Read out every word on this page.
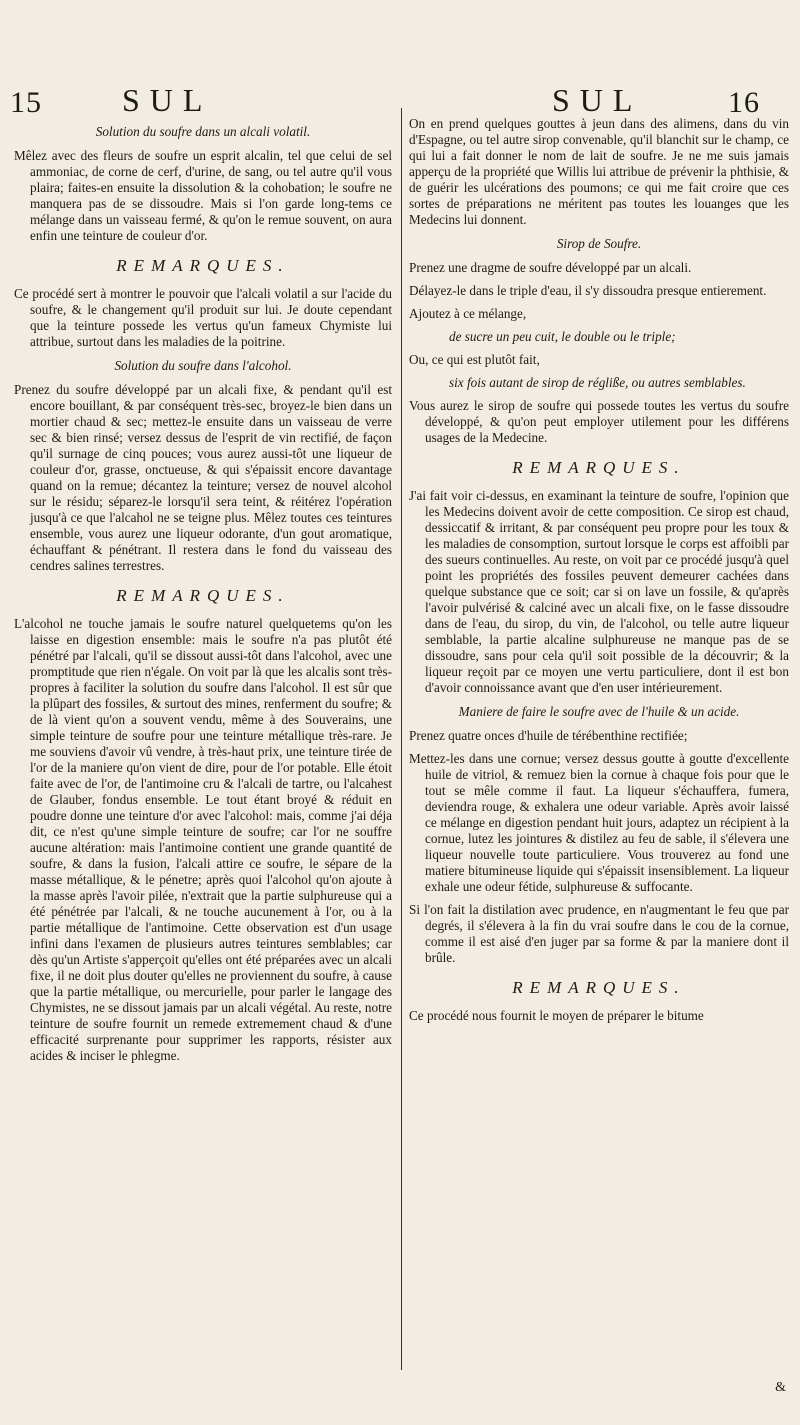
15	SUL	SUL	16
Solution du soufre dans un alcali volatil.

Mêlez avec des fleurs de soufre un esprit alcalin, tel que celui de sel ammoniac, de corne de cerf, d'urine, de sang, ou tel autre qu'il vous plaira; faites-en ensuite la dissolution & la cohobation; le soufre ne manquera pas de se dissoudre. Mais si l'on garde long-tems ce mélange dans un vaisseau fermé, & qu'on le remue souvent, on aura enfin une teinture de couleur d'or.

REMARQUES.

Ce procédé sert à montrer le pouvoir que l'alcali volatil a sur l'acide du soufre, & le changement qu'il produit sur lui. Je doute cependant que la teinture possede les vertus qu'un fameux Chymiste lui attribue, surtout dans les maladies de la poitrine.

Solution du soufre dans l'alcohol.

Prenez du soufre développé par un alcali fixe, & pendant qu'il est encore bouillant, & par conséquent très-sec, broyez-le bien dans un mortier chaud & sec; mettez-le ensuite dans un vaisseau de verre sec & bien rinsé; versez dessus de l'esprit de vin rectifié, de façon qu'il surnage de cinq pouces; vous aurez aussi-tôt une liqueur de couleur d'or, grasse, onctueuse, & qui s'épaissit encore davantage quand on la remue; décantez la teinture; versez de nouvel alcohol sur le résidu; séparez-le lorsqu'il sera teint, & réitérez l'opération jusqu'à ce que l'alcahol ne se teigne plus. Mêlez toutes ces teintures ensemble, vous aurez une liqueur odorante, d'un gout aromatique, échauffant & pénétrant. Il restera dans le fond du vaisseau des cendres salines terrestres.

REMARQUES.

L'alcohol ne touche jamais le soufre naturel quelquetems qu'on les laisse en digestion ensemble: mais le soufre n'a pas plutôt été pénétré par l'alcali, qu'il se dissout aussi-tôt dans l'alcohol, avec une promptitude que rien n'égale. On voit par là que les alcalis sont très-propres à faciliter la solution du soufre dans l'alcohol. Il est sûr que la plûpart des fossiles, & surtout des mines, renferment du soufre; & de là vient qu'on a souvent vendu, même à des Souverains, une simple teinture de soufre pour une teinture métallique très-rare. Je me souviens d'avoir vû vendre, à très-haut prix, une teinture tirée de l'or de la maniere qu'on vient de dire, pour de l'or potable. Elle étoit faite avec de l'or, de l'antimoine cru & l'alcali de tartre, ou l'alcahest de Glauber, fondus ensemble. Le tout étant broyé & réduit en poudre donne une teinture d'or avec l'alcohol: mais, comme j'ai déja dit, ce n'est qu'une simple teinture de soufre; car l'or ne souffre aucune altération: mais l'antimoine contient une grande quantité de soufre, & dans la fusion, l'alcali attire ce soufre, le sépare de la masse métallique, & le pénetre; après quoi l'alcohol qu'on ajoute à la masse après l'avoir pilée, n'extrait que la partie sulphureuse qui a été pénétrée par l'alcali, & ne touche aucunement à l'or, ou à la partie métallique de l'antimoine. Cette observation est d'un usage infini dans l'examen de plusieurs autres teintures semblables; car dès qu'un Artiste s'apperçoit qu'elles ont été préparées avec un alcali fixe, il ne doit plus douter qu'elles ne proviennent du soufre, à cause que la partie métallique, ou mercurielle, pour parler le langage des Chymistes, ne se dissout jamais par un alcali végétal. Au reste, notre teinture de soufre fournit un remede extremement chaud & d'une efficacité surprenante pour supprimer les rapports, résister aux acides & inciser le phlegme.

On en prend quelques gouttes à jeun dans des alimens, dans du vin d'Espagne, ou tel autre sirop convenable, qu'il blanchit sur le champ, ce qui lui a fait donner le nom de lait de soufre. Je ne me suis jamais apperçu de la propriété que Willis lui attribue de prévenir la phthisie, & de guérir les ulcérations des poumons; ce qui me fait croire que ces sortes de préparations ne méritent pas toutes les louanges que les Medecins lui donnent.

Sirop de Soufre.

Prenez une dragme de soufre développé par un alcali.

Délayez-le dans le triple d'eau, il s'y dissoudra presque entierement.

Ajoutez à ce mélange,

de sucre un peu cuit, le double ou le triple;

Ou, ce qui est plutôt fait,

six fois autant de sirop de régliße, ou autres semblables.

Vous aurez le sirop de soufre qui possede toutes les vertus du soufre développé, & qu'on peut employer utilement pour les différens usages de la Medecine.

REMARQUES.

J'ai fait voir ci-dessus, en examinant la teinture de soufre, l'opinion que les Medecins doivent avoir de cette composition. Ce sirop est chaud, dessiccatif & irritant, & par conséquent peu propre pour les toux & les maladies de consomption, surtout lorsque le corps est affoibli par des sueurs continuelles. Au reste, on voit par ce procédé jusqu'à quel point les propriétés des fossiles peuvent demeurer cachées dans quelque substance que ce soit; car si on lave un fossile, & qu'après l'avoir pulvérisé & calciné avec un alcali fixe, on le fasse dissoudre dans de l'eau, du sirop, du vin, de l'alcohol, ou telle autre liqueur semblable, la partie alcaline sulphureuse ne manque pas de se dissoudre, sans pour cela qu'il soit possible de la découvrir; & la liqueur reçoit par ce moyen une vertu particuliere, dont il est bon d'avoir connoissance avant que d'en user intérieurement.

Maniere de faire le soufre avec de l'huile & un acide.

Prenez quatre onces d'huile de térébenthine rectifiée;

Mettez-les dans une cornue; versez dessus goutte à goutte d'excellente huile de vitriol, & remuez bien la cornue à chaque fois pour que le tout se mêle comme il faut. La liqueur s'échauffera, fumera, deviendra rouge, & exhalera une odeur variable. Après avoir laissé ce mélange en digestion pendant huit jours, adaptez un récipient à la cornue, lutez les jointures & distilez au feu de sable, il s'élevera une liqueur nouvelle toute particuliere. Vous trouverez au fond une matiere bitumineuse liquide qui s'épaissit insensiblement. La liqueur exhale une odeur fétide, sulphureuse & suffocante.

Si l'on fait la distilation avec prudence, en n'augmentant le feu que par degrés, il s'élevera à la fin du vrai soufre dans le cou de la cornue, comme il est aisé d'en juger par sa forme & par la maniere dont il brûle.

REMARQUES.

Ce procédé nous fournit le moyen de préparer le bitume

&
